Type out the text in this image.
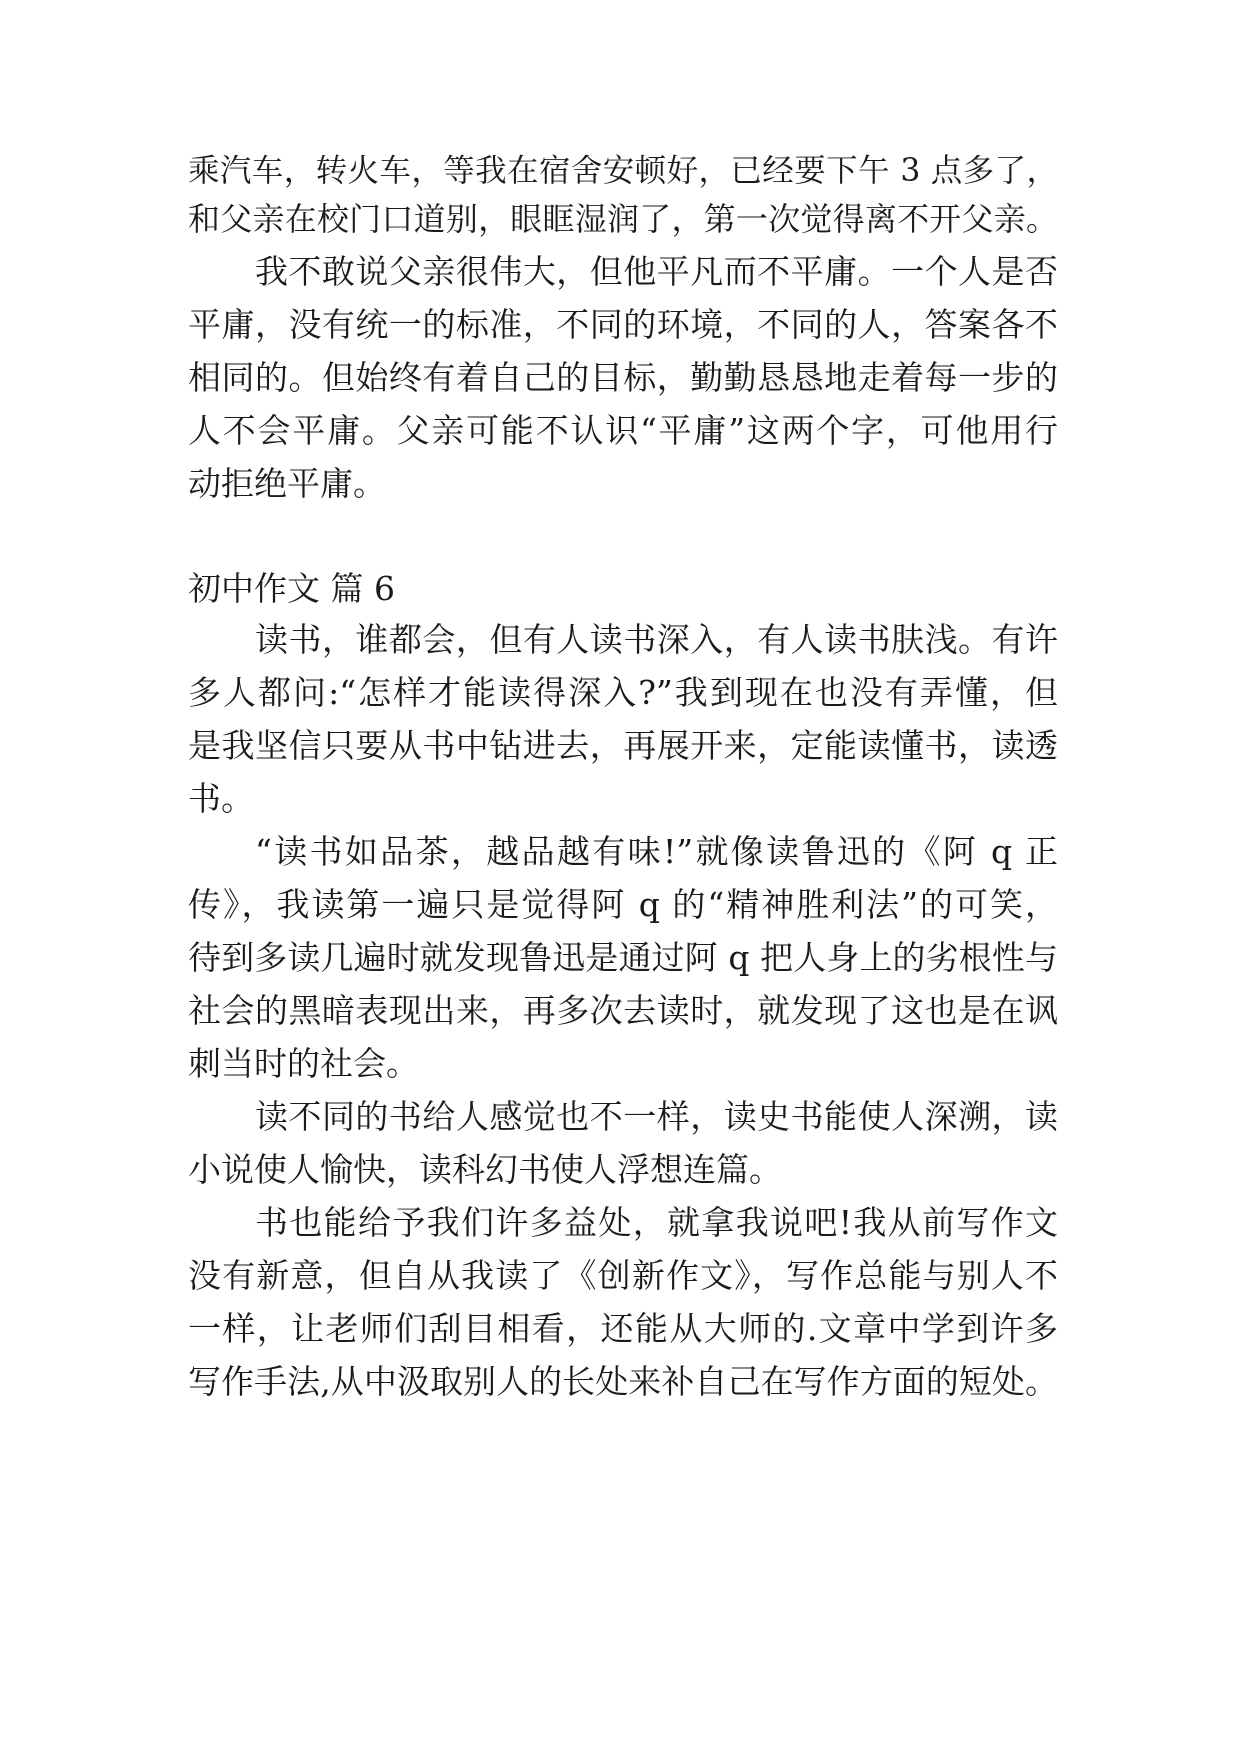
乘汽车，转火车，等我在宿舍安顿好，已经要下午 3 点多了，
和父亲在校门口道别，眼眶湿润了，第一次觉得离不开父亲。
我不敢说父亲很伟大，但他平凡而不平庸。一个人是否
平庸，没有统一的标准，不同的环境，不同的人，答案各不
相同的。但始终有着自己的目标，勤勤恳恳地走着每一步的
人不会平庸。父亲可能不认识“平庸”这两个字，可他用行
动拒绝平庸。
初中作文 篇 6
读书，谁都会，但有人读书深入，有人读书肤浅。有许
多人都问:“怎样才能读得深入?”我到现在也没有弄懂，但
是我坚信只要从书中钻进去，再展开来，定能读懂书，读透
书。
“读书如品茶，越品越有味!”就像读鲁迅的《阿 q 正
传》，我读第一遍只是觉得阿 q 的“精神胜利法”的可笑，
待到多读几遍时就发现鲁迅是通过阿 q 把人身上的劣根性与
社会的黑暗表现出来，再多次去读时，就发现了这也是在讽
刺当时的社会。
读不同的书给人感觉也不一样，读史书能使人深溯，读
小说使人愉快，读科幻书使人浮想连篇。
书也能给予我们许多益处，就拿我说吧!我从前写作文
没有新意，但自从我读了《创新作文》，写作总能与别人不
一样，让老师们刮目相看，还能从大师的.文章中学到许多
写作手法,从中汲取别人的长处来补自己在写作方面的短处。
